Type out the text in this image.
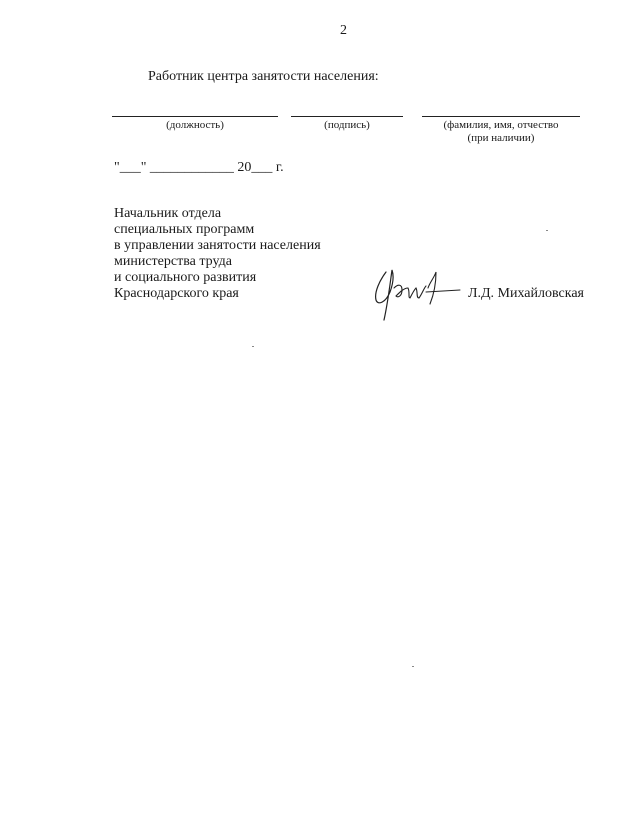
2
Работник центра занятости населения:
(должность)	(подпись)	(фамилия, имя, отчество
(при наличии)
"___" ____________ 20___ г.
Начальник отдела
специальных программ
в управлении занятости населения
министерства труда
и социального развития
Краснодарского края	Л.Д. Михайловская
